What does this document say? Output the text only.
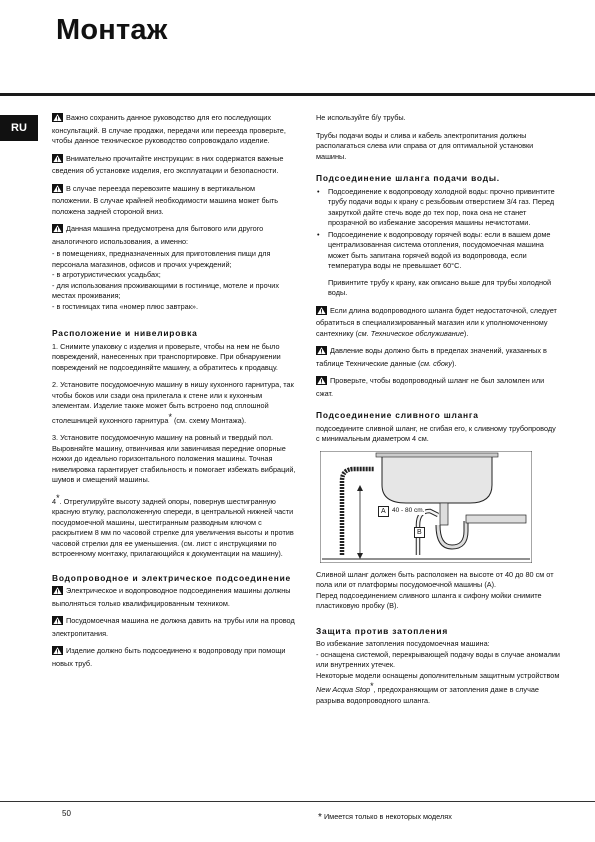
Монтаж
RU

Важно сохранить данное руководство для его последующих консультаций. В случае продажи, передачи или переезда проверьте, чтобы данное техническое руководство сопровождало изделие.

Внимательно прочитайте инструкции: в них содержатся важные сведения об установке изделия, его эксплуатации и безопасности.

В случае переезда перевозите машину в вертикальном положении. В случае крайней необходимости машина может быть положена задней стороной вниз.

Данная машина предусмотрена для бытового или другого аналогичного использования, а именно:

- в помещениях, предназначенных для приготовления пищи для персонала магазинов, офисов и прочих учреждений;
- в агротуристических усадьбах;
- для использования проживающими в гостинице, мотеле и прочих местах проживания;
- в гостиницах типа «номер плюс завтрак».
Расположение и нивелировка

1. Снимите упаковку с изделия и проверьте, чтобы на нем не было повреждений, нанесенных при транспортировке. При обнаружении повреждений не подсоединяйте машину, а обратитесь к продавцу.

2. Установите посудомоечную машину в нишу кухонного гарнитура, так чтобы боков или сзади она прилегала к стене или к кухонным элементам. Изделие также может быть встроено под сплошной столешницей кухонного гарнитура* (см. схему Монтажа).

3. Установите посудомоечную машину на ровный и твердый пол. Выровняйте машину, отвинчивая или завинчивая передние опорные ножки до идеально горизонтального положения машины. Точная нивелировка гарантирует стабильность и помогает избежать вибраций, шумов и смещений машины.

4*. Отрегулируйте высоту задней опоры, повернув шестигранную красную втулку, расположенную спереди, в центральной нижней части посудомоечной машины, шестигранным разводным ключом с раскрытием 8 мм по часовой стрелке для увеличения высоты и против часовой стрелки для ее уменьшения. (см. лист с инструкциями по встроенному монтажу, прилагающийся к документации на машину).

Водопроводное и электрическое подсоединение

Электрическое и водопроводное подсоединения машины должны выполняться только квалифицированным техником.

Посудомоечная машина не должна давить на трубы или на провод электропитания.

Изделие должно быть подсоединено к водопроводу при помощи новых труб.

Не используйте б/у трубы.

Трубы подачи воды и слива и кабель электропитания должны располагаться слева или справа от для оптимальной установки машины.

Подсоединение шланга подачи воды.
• Подсоединение к водопроводу холодной воды: прочно привинтите трубу подачи воды к крану с резьбовым отверстием 3/4 газ. Перед закруткой дайте стечь воде до тех пор, пока она не станет прозрачной во избежание засорения машины нечистотами.
• Подсоединение к водопроводу горячей воды: если в вашем доме централизованная система отопления, посудомоечная машина может быть запитана горячей водой из водопровода, если температура воды не превышает 60°С.

Привинтите трубу к крану, как описано выше для трубы холодной воды.

Если длина водопроводного шланга будет недостаточной, следует обратиться в специализированный магазин или к уполномоченному сантехнику (см. Техническое обслуживание).

Давление воды должно быть в пределах значений, указанных в таблице Технические данные (см. сбоку).

Проверьте, чтобы водопроводный шланг не был заломлен или сжат.

Подсоединение сливного шланга

подсоедините сливной шланг, не сгибая его, к сливному трубопроводу с минимальным диаметром 4 см.

A 40 - 80 cm.
B

Сливной шланг должен быть расположен на высоте от 40 до 80 см от пола или от платформы посудомоечной машины (А).

Перед подсоединением сливного шланга к сифону мойки снимите пластиковую пробку (В).

Защита против затопления
Во избежание затопления посудомоечная машина:
- оснащена системой, перекрывающей подачу воды в случае аномалии или внутренних утечек.
Некоторые модели оснащены дополнительным защитным устройством New Acqua Stop*, предохраняющим от затопления даже в случае разрыва водопроводного шланга.
50	* Имеется только в некоторых моделях
